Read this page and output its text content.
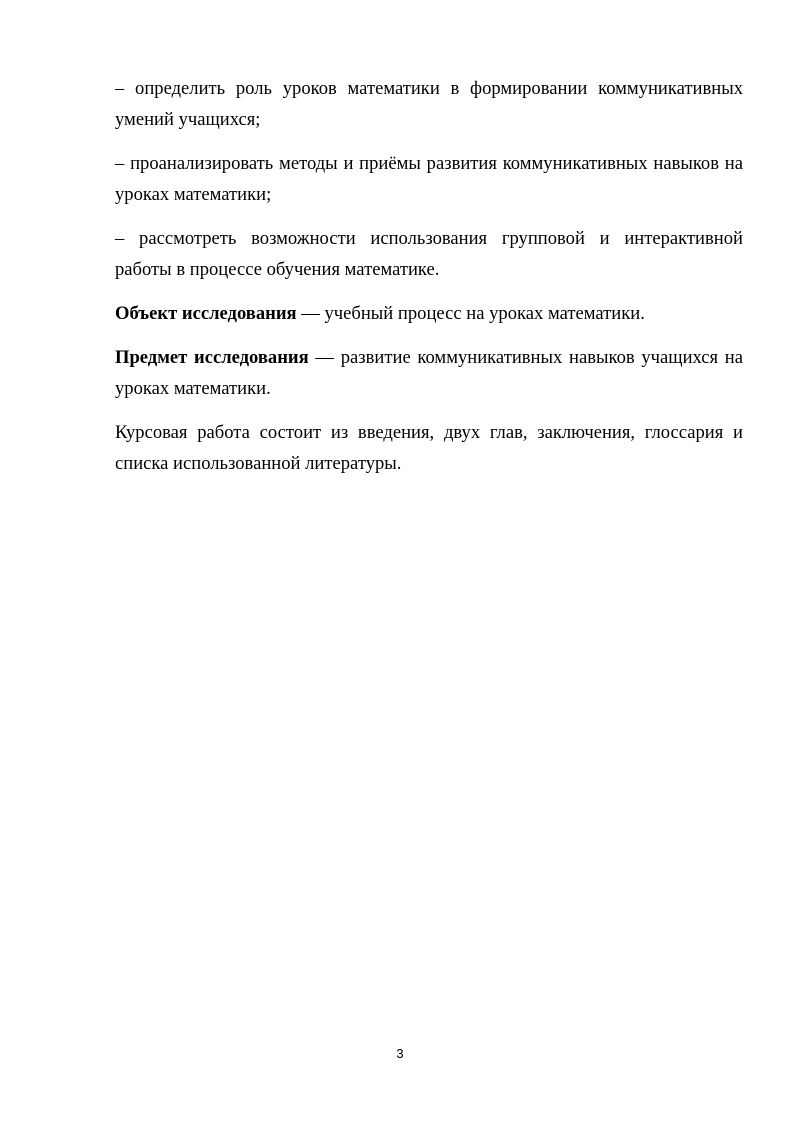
– определить роль уроков математики в формировании коммуникативных умений учащихся;

– проанализировать методы и приёмы развития коммуникативных навыков на уроках математики;

– рассмотреть возможности использования групповой и интерактивной работы в процессе обучения математике.

Объект исследования — учебный процесс на уроках математики.

Предмет исследования — развитие коммуникативных навыков учащихся на уроках математики.

Курсовая работа состоит из введения, двух глав, заключения, глоссария и списка использованной литературы.

3
